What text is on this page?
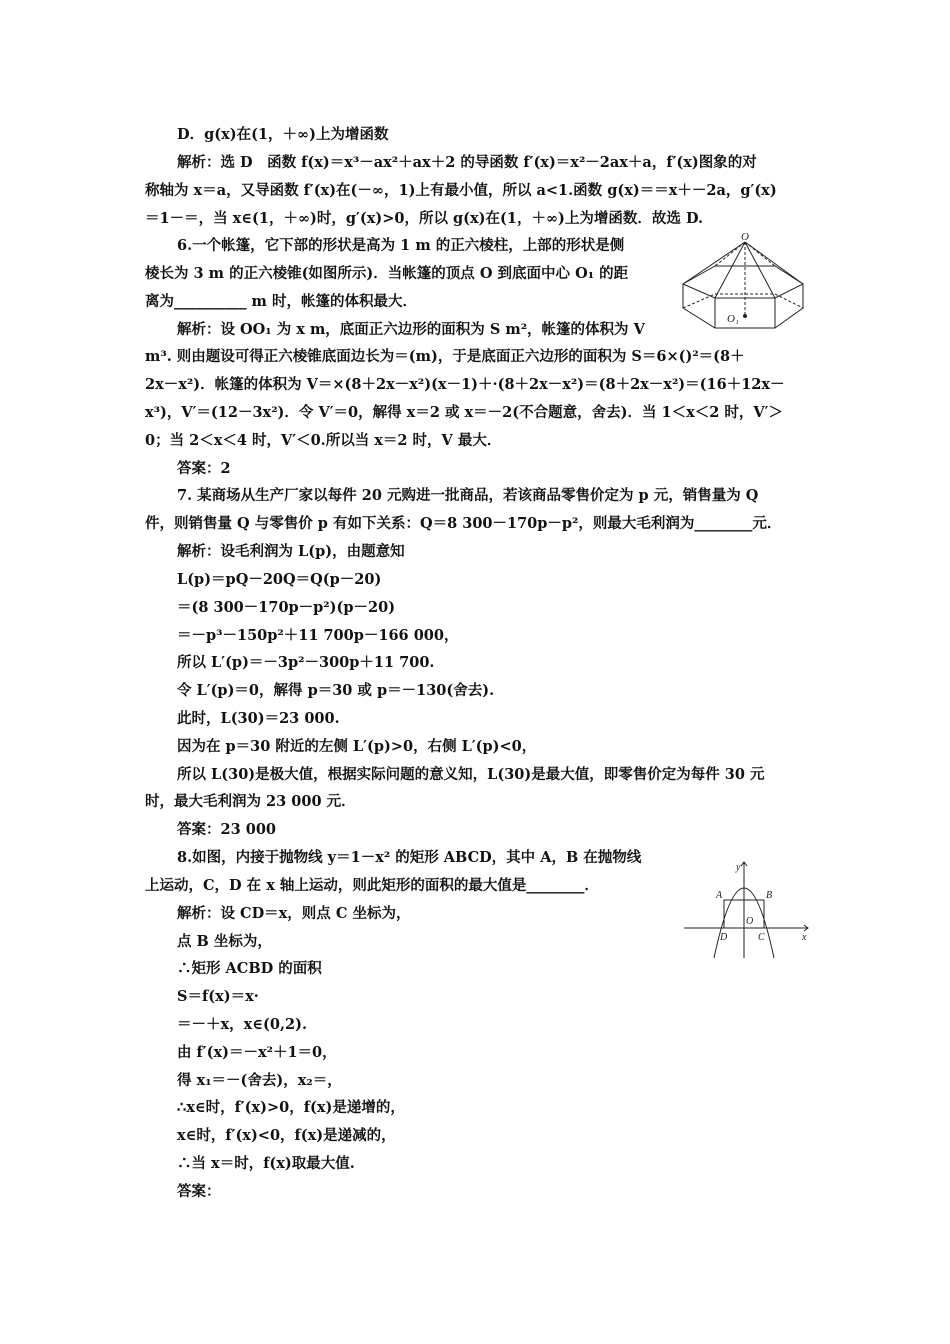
D．g(x)在(1，＋∞)上为增函数
解析：选 D　函数 f(x)＝x³－ax²＋ax＋2 的导函数 f′(x)＝x²－2ax＋a，f′(x)图象的对
称轴为 x＝a，又导函数 f′(x)在(－∞，1)上有最小值，所以 a<1.函数 g(x)＝＝x＋－2a，g′(x)
＝1－＝，当 x∈(1，＋∞)时，g′(x)>0，所以 g(x)在(1，＋∞)上为增函数．故选 D.
6.一个帐篷，它下部的形状是高为 1 m 的正六棱柱，上部的形状是侧
棱长为 3 m 的正六棱锥(如图所示)．当帐篷的顶点 O 到底面中心 O₁ 的距
离为__________ m 时，帐篷的体积最大．
解析：设 OO₁ 为 x m，底面正六边形的面积为 S m²，帐篷的体积为 V
m³. 则由题设可得正六棱锥底面边长为＝(m)，于是底面正六边形的面积为 S＝6×()²＝(8＋
2x－x²)．帐篷的体积为 V＝×(8＋2x－x²)(x－1)＋·(8＋2x－x²)＝(8＋2x－x²)＝(16＋12x－
x³)，V′＝(12－3x²)．令 V′＝0，解得 x＝2 或 x＝－2(不合题意，舍去)．当 1＜x＜2 时，V′＞
0；当 2＜x＜4 时，V′＜0.所以当 x＝2 时，V 最大．
答案：2
7. 某商场从生产厂家以每件 20 元购进一批商品，若该商品零售价定为 p 元，销售量为 Q
件，则销售量 Q 与零售价 p 有如下关系：Q＝8 300－170p－p²，则最大毛利润为________元．
解析：设毛利润为 L(p)，由题意知
L(p)＝pQ－20Q＝Q(p－20)
＝(8 300－170p－p²)(p－20)
＝－p³－150p²＋11 700p－166 000，
所以 L′(p)＝－3p²－300p＋11 700.
令 L′(p)＝0，解得 p＝30 或 p＝－130(舍去).
此时，L(30)＝23 000.
因为在 p＝30 附近的左侧 L′(p)>0，右侧 L′(p)<0，
所以 L(30)是极大值，根据实际问题的意义知，L(30)是最大值，即零售价定为每件 30 元
时，最大毛利润为 23 000 元．
答案：23 000
8.如图，内接于抛物线 y＝1－x² 的矩形 ABCD，其中 A，B 在抛物线
上运动，C，D 在 x 轴上运动，则此矩形的面积的最大值是________．
解析：设 CD＝x，则点 C 坐标为，
点 B 坐标为，
∴矩形 ACBD 的面积
S＝f(x)＝x·
＝－＋x，x∈(0,2).
由 f′(x)＝－x²＋1＝0，
得 x₁＝－(舍去)，x₂＝，
∴x∈时，f′(x)>0，f(x)是递增的，
x∈时，f′(x)<0，f(x)是递减的，
∴当 x＝时，f(x)取最大值.
答案：
O
O₁
y
x
A	B
D	C
O
